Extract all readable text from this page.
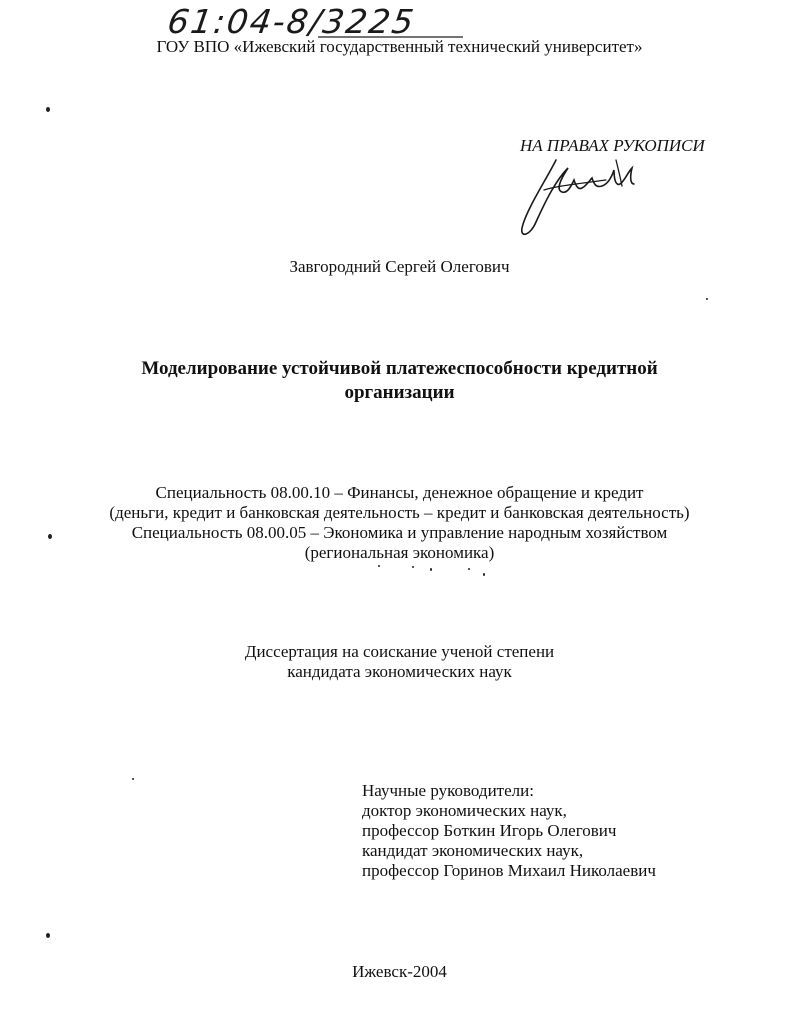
61:04-8/3225
ГОУ ВПО «Ижевский государственный технический университет»
НА ПРАВАХ РУКОПИСИ
Завгородний Сергей Олегович
Моделирование устойчивой платежеспособности кредитной
организации
Специальность 08.00.10 – Финансы, денежное обращение и кредит
(деньги, кредит и банковская деятельность – кредит и банковская деятельность)
Специальность 08.00.05 – Экономика и управление народным хозяйством
(региональная экономика)
Диссертация на соискание ученой степени
кандидата экономических наук
Научные руководители:
доктор экономических наук,
профессор Боткин Игорь Олегович
кандидат экономических наук,
профессор Горинов Михаил Николаевич
Ижевск-2004
